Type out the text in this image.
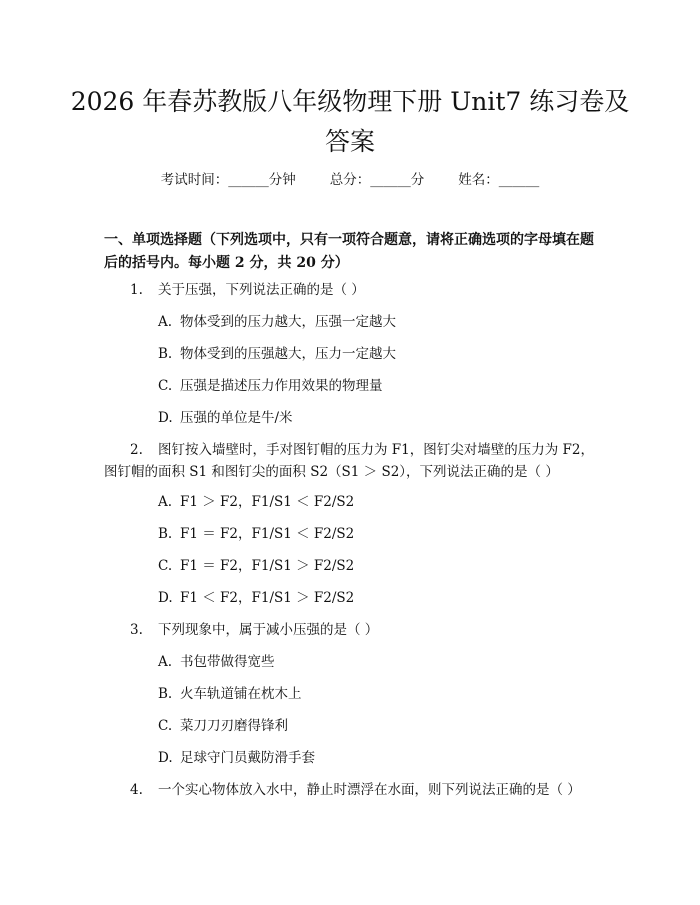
2026 年春苏教版八年级物理下册 Unit7 练习卷及答案
考试时间：______分钟	总分：______分	姓名：______
一、单项选择题（下列选项中，只有一项符合题意，请将正确选项的字母填在题后的括号内。每小题 2 分，共 20 分）

1. 关于压强，下列说法正确的是（ ）

A. 物体受到的压力越大，压强一定越大

B. 物体受到的压强越大，压力一定越大

C. 压强是描述压力作用效果的物理量

D. 压强的单位是牛/米

2. 图钉按入墙壁时，手对图钉帽的压力为 F1，图钉尖对墙壁的压力为 F2，图钉帽的面积 S1 和图钉尖的面积 S2（S1 ＞ S2），下列说法正确的是（ ）

A. F1 ＞ F2，F1/S1 ＜ F2/S2

B. F1 ＝ F2，F1/S1 ＜ F2/S2

C. F1 ＝ F2，F1/S1 ＞ F2/S2

D. F1 ＜ F2，F1/S1 ＞ F2/S2

3. 下列现象中，属于减小压强的是（ ）

A. 书包带做得宽些

B. 火车轨道铺在枕木上

C. 菜刀刀刃磨得锋利

D. 足球守门员戴防滑手套

4. 一个实心物体放入水中，静止时漂浮在水面，则下列说法正确的是（ ）
